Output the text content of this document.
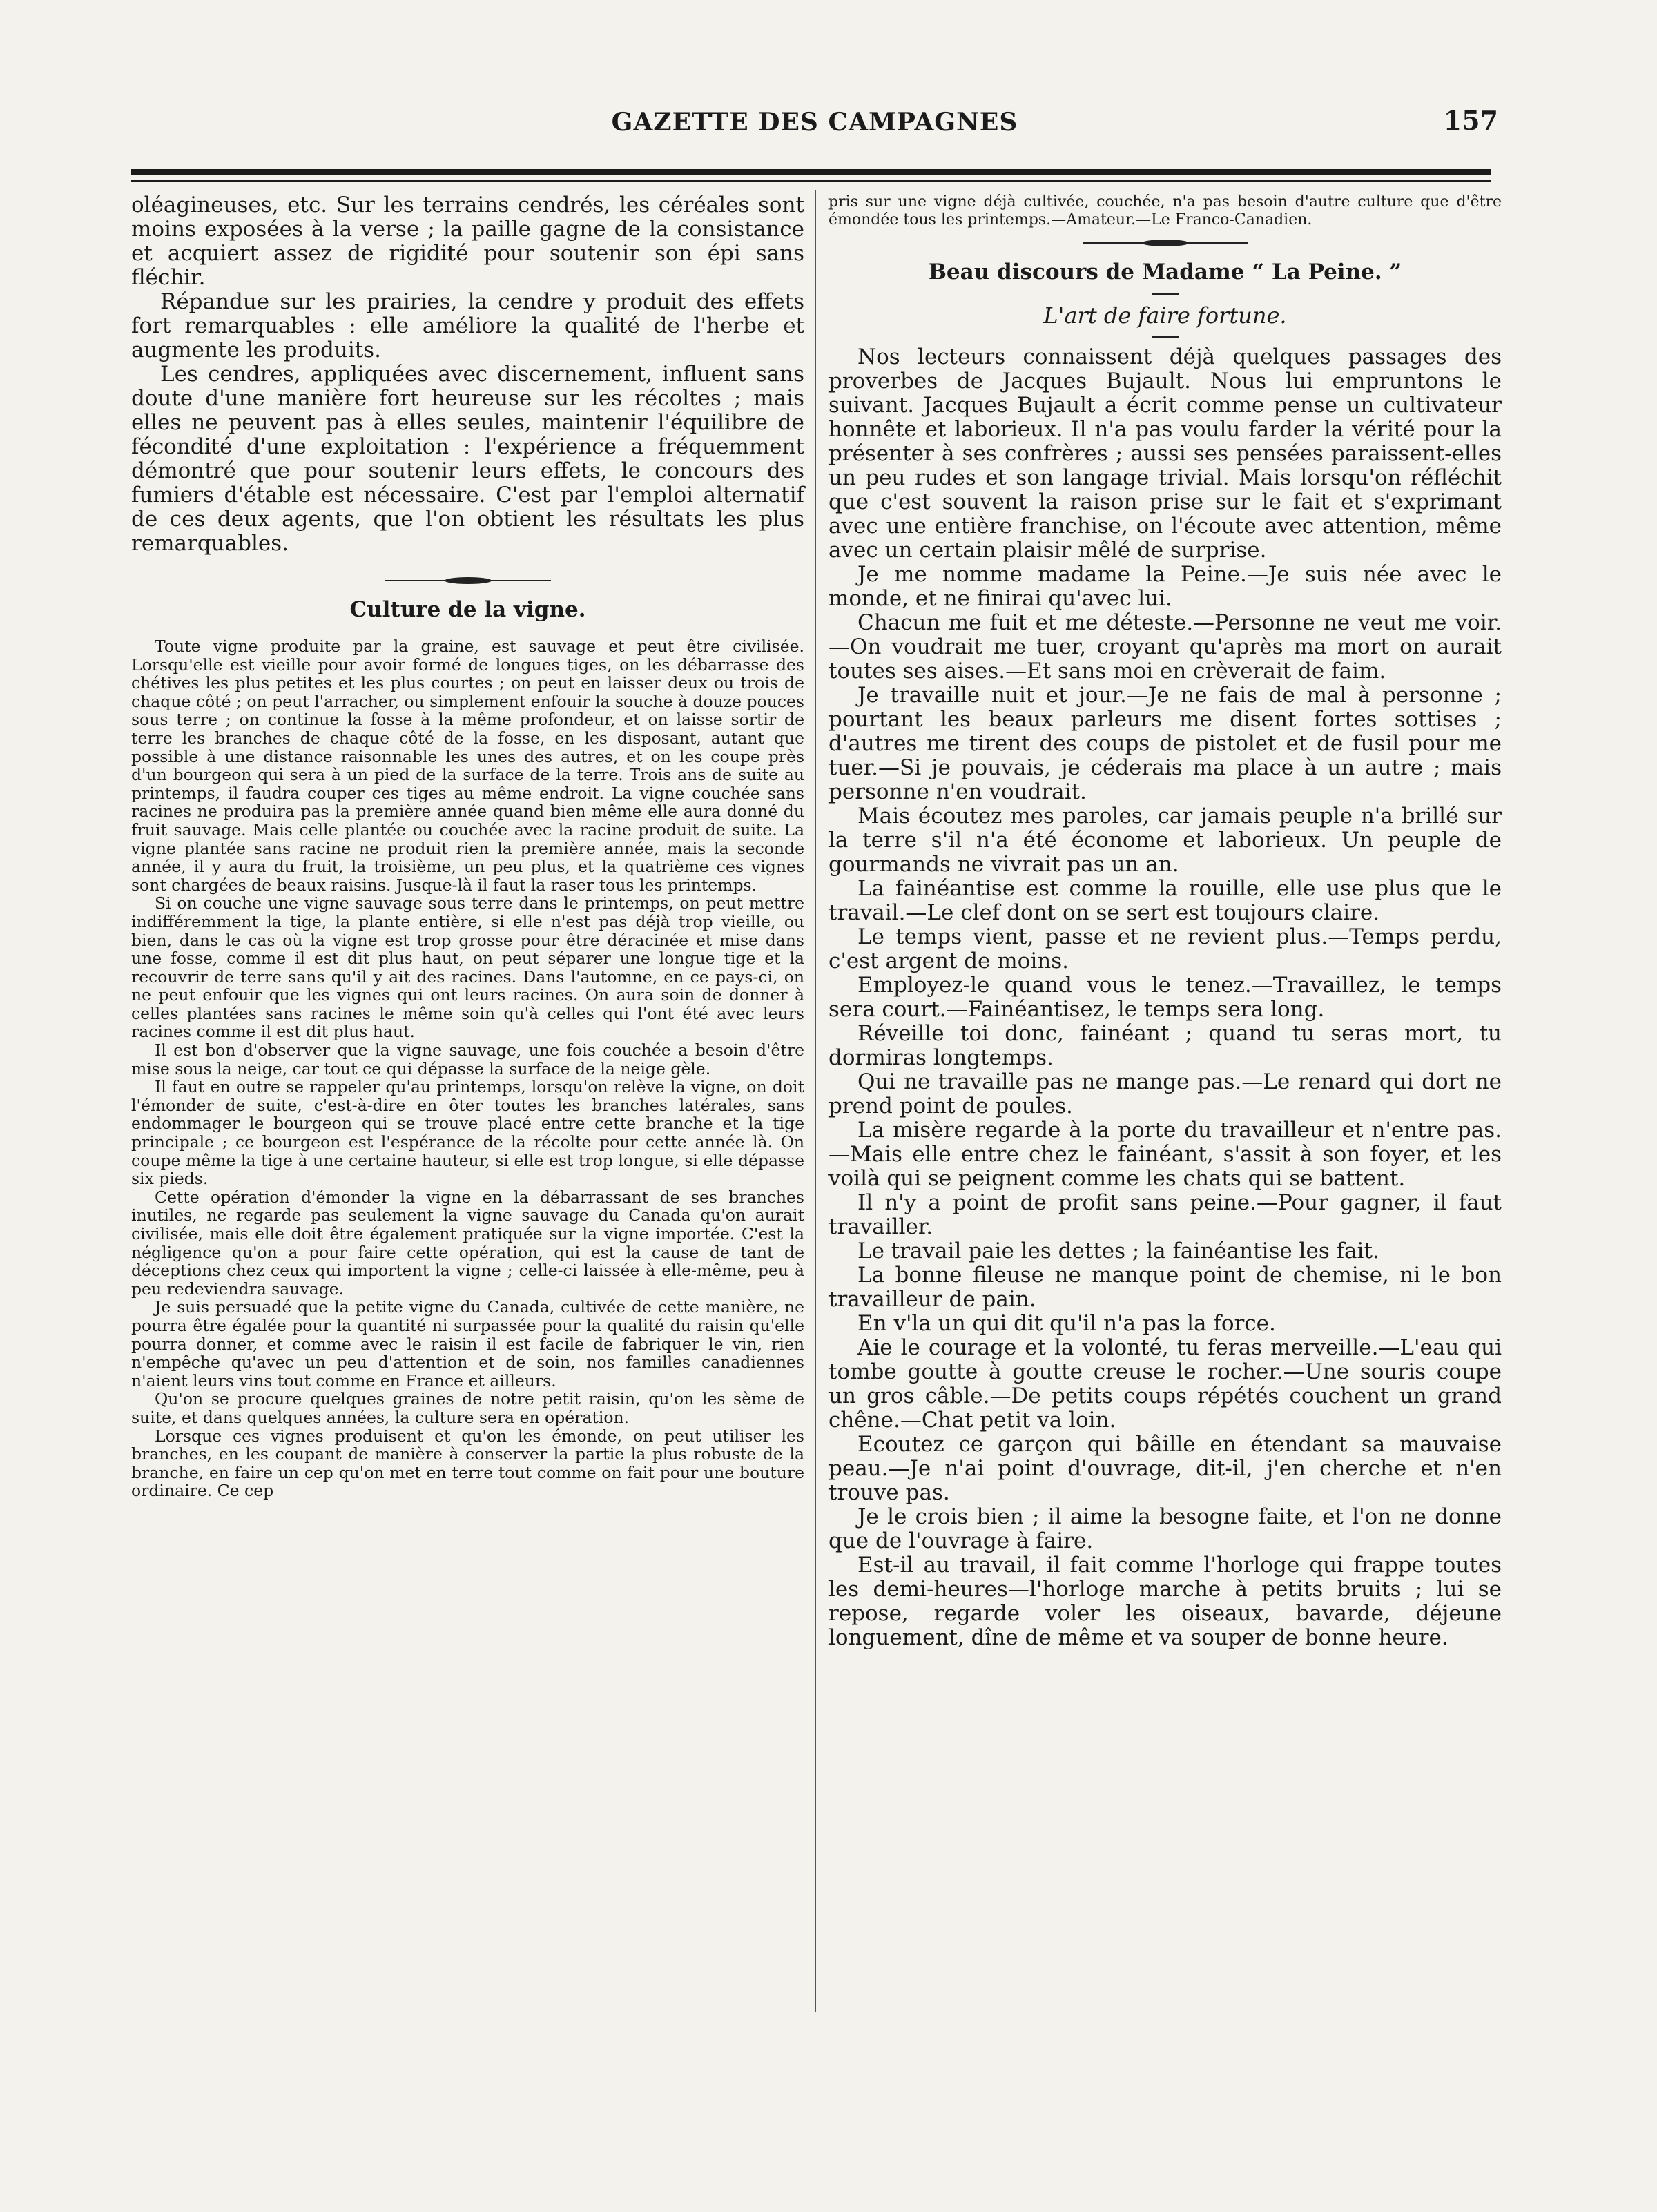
GAZETTE DES CAMPAGNES	157

oléagineuses, etc. Sur les terrains cendrés, les céréales sont moins exposées à la verse ; la paille gagne de la consistance et acquiert assez de rigidité pour soutenir son épi sans fléchir.

Répandue sur les prairies, la cendre y produit des effets fort remarquables : elle améliore la qualité de l'herbe et augmente les produits.

Les cendres, appliquées avec discernement, influent sans doute d'une manière fort heureuse sur les récoltes ; mais elles ne peuvent pas à elles seules, maintenir l'équilibre de fécondité d'une exploitation : l'expérience a fréquemment démontré que pour soutenir leurs effets, le concours des fumiers d'étable est nécessaire. C'est par l'emploi alternatif de ces deux agents, que l'on obtient les résultats les plus remarquables.

Culture de la vigne.

Toute vigne produite par la graine, est sauvage et peut être civilisée. Lorsqu'elle est vieille pour avoir formé de longues tiges, on les débarrasse des chétives les plus petites et les plus courtes ; on peut en laisser deux ou trois de chaque côté ; on peut l'arracher, ou simplement enfouir la souche à douze pouces sous terre ; on continue la fosse à la même profondeur, et on laisse sortir de terre les branches de chaque côté de la fosse, en les disposant, autant que possible à une distance raisonnable les unes des autres, et on les coupe près d'un bourgeon qui sera à un pied de la surface de la terre. Trois ans de suite au printemps, il faudra couper ces tiges au même endroit. La vigne couchée sans racines ne produira pas la première année quand bien même elle aura donné du fruit sauvage. Mais celle plantée ou couchée avec la racine produit de suite. La vigne plantée sans racine ne produit rien la première année, mais la seconde année, il y aura du fruit, la troisième, un peu plus, et la quatrième ces vignes sont chargées de beaux raisins. Jusque-là il faut la raser tous les printemps.

Si on couche une vigne sauvage sous terre dans le printemps, on peut mettre indifféremment la tige, la plante entière, si elle n'est pas déjà trop vieille, ou bien, dans le cas où la vigne est trop grosse pour être déracinée et mise dans une fosse, comme il est dit plus haut, on peut séparer une longue tige et la recouvrir de terre sans qu'il y ait des racines. Dans l'automne, en ce pays-ci, on ne peut enfouir que les vignes qui ont leurs racines. On aura soin de donner à celles plantées sans racines le même soin qu'à celles qui l'ont été avec leurs racines comme il est dit plus haut.

Il est bon d'observer que la vigne sauvage, une fois couchée a besoin d'être mise sous la neige, car tout ce qui dépasse la surface de la neige gèle.

Il faut en outre se rappeler qu'au printemps, lorsqu'on relève la vigne, on doit l'émonder de suite, c'est-à-dire en ôter toutes les branches latérales, sans endommager le bourgeon qui se trouve placé entre cette branche et la tige principale ; ce bourgeon est l'espérance de la récolte pour cette année là. On coupe même la tige à une certaine hauteur, si elle est trop longue, si elle dépasse six pieds.

Cette opération d'émonder la vigne en la débarrassant de ses branches inutiles, ne regarde pas seulement la vigne sauvage du Canada qu'on aurait civilisée, mais elle doit être également pratiquée sur la vigne importée. C'est la négligence qu'on a pour faire cette opération, qui est la cause de tant de déceptions chez ceux qui importent la vigne ; celle-ci laissée à elle-même, peu à peu redeviendra sauvage.

Je suis persuadé que la petite vigne du Canada, cultivée de cette manière, ne pourra être égalée pour la quantité ni surpassée pour la qualité du raisin qu'elle pourra donner, et comme avec le raisin il est facile de fabriquer le vin, rien n'empêche qu'avec un peu d'attention et de soin, nos familles canadiennes n'aient leurs vins tout comme en France et ailleurs.

Qu'on se procure quelques graines de notre petit raisin, qu'on les sème de suite, et dans quelques années, la culture sera en opération.

Lorsque ces vignes produisent et qu'on les émonde, on peut utiliser les branches, en les coupant de manière à conserver la partie la plus robuste de la branche, en faire un cep qu'on met en terre tout comme on fait pour une bouture ordinaire. Ce cep

pris sur une vigne déjà cultivée, couchée, n'a pas besoin d'autre culture que d'être émondée tous les printemps.—Amateur.—Le Franco-Canadien.

Beau discours de Madame “ La Peine. ”
L'art de faire fortune.

Nos lecteurs connaissent déjà quelques passages des proverbes de Jacques Bujault. Nous lui empruntons le suivant. Jacques Bujault a écrit comme pense un cultivateur honnête et laborieux. Il n'a pas voulu farder la vérité pour la présenter à ses confrères ; aussi ses pensées paraissent-elles un peu rudes et son langage trivial. Mais lorsqu'on réfléchit que c'est souvent la raison prise sur le fait et s'exprimant avec une entière franchise, on l'écoute avec attention, même avec un certain plaisir mêlé de surprise.

Je me nomme madame la Peine.—Je suis née avec le monde, et ne finirai qu'avec lui.

Chacun me fuit et me déteste.—Personne ne veut me voir.—On voudrait me tuer, croyant qu'après ma mort on aurait toutes ses aises.—Et sans moi en crèverait de faim.

Je travaille nuit et jour.—Je ne fais de mal à personne ; pourtant les beaux parleurs me disent fortes sottises ; d'autres me tirent des coups de pistolet et de fusil pour me tuer.—Si je pouvais, je céderais ma place à un autre ; mais personne n'en voudrait.

Mais écoutez mes paroles, car jamais peuple n'a brillé sur la terre s'il n'a été économe et laborieux. Un peuple de gourmands ne vivrait pas un an.

La fainéantise est comme la rouille, elle use plus que le travail.—Le clef dont on se sert est toujours claire.

Le temps vient, passe et ne revient plus.—Temps perdu, c'est argent de moins.

Employez-le quand vous le tenez.—Travaillez, le temps sera court.—Fainéantisez, le temps sera long.

Réveille toi donc, fainéant ; quand tu seras mort, tu dormiras longtemps.

Qui ne travaille pas ne mange pas.—Le renard qui dort ne prend point de poules.

La misère regarde à la porte du travailleur et n'entre pas.—Mais elle entre chez le fainéant, s'assit à son foyer, et les voilà qui se peignent comme les chats qui se battent.

Il n'y a point de profit sans peine.—Pour gagner, il faut travailler.

Le travail paie les dettes ; la fainéantise les fait.

La bonne fileuse ne manque point de chemise, ni le bon travailleur de pain.

En v'la un qui dit qu'il n'a pas la force.

Aie le courage et la volonté, tu feras merveille.—L'eau qui tombe goutte à goutte creuse le rocher.—Une souris coupe un gros câble.—De petits coups répétés couchent un grand chêne.—Chat petit va loin.

Ecoutez ce garçon qui bâille en étendant sa mauvaise peau.—Je n'ai point d'ouvrage, dit-il, j'en cherche et n'en trouve pas.

Je le crois bien ; il aime la besogne faite, et l'on ne donne que de l'ouvrage à faire.

Est-il au travail, il fait comme l'horloge qui frappe toutes les demi-heures—l'horloge marche à petits bruits ; lui se repose, regarde voler les oiseaux, bavarde, déjeune longuement, dîne de même et va souper de bonne heure.
